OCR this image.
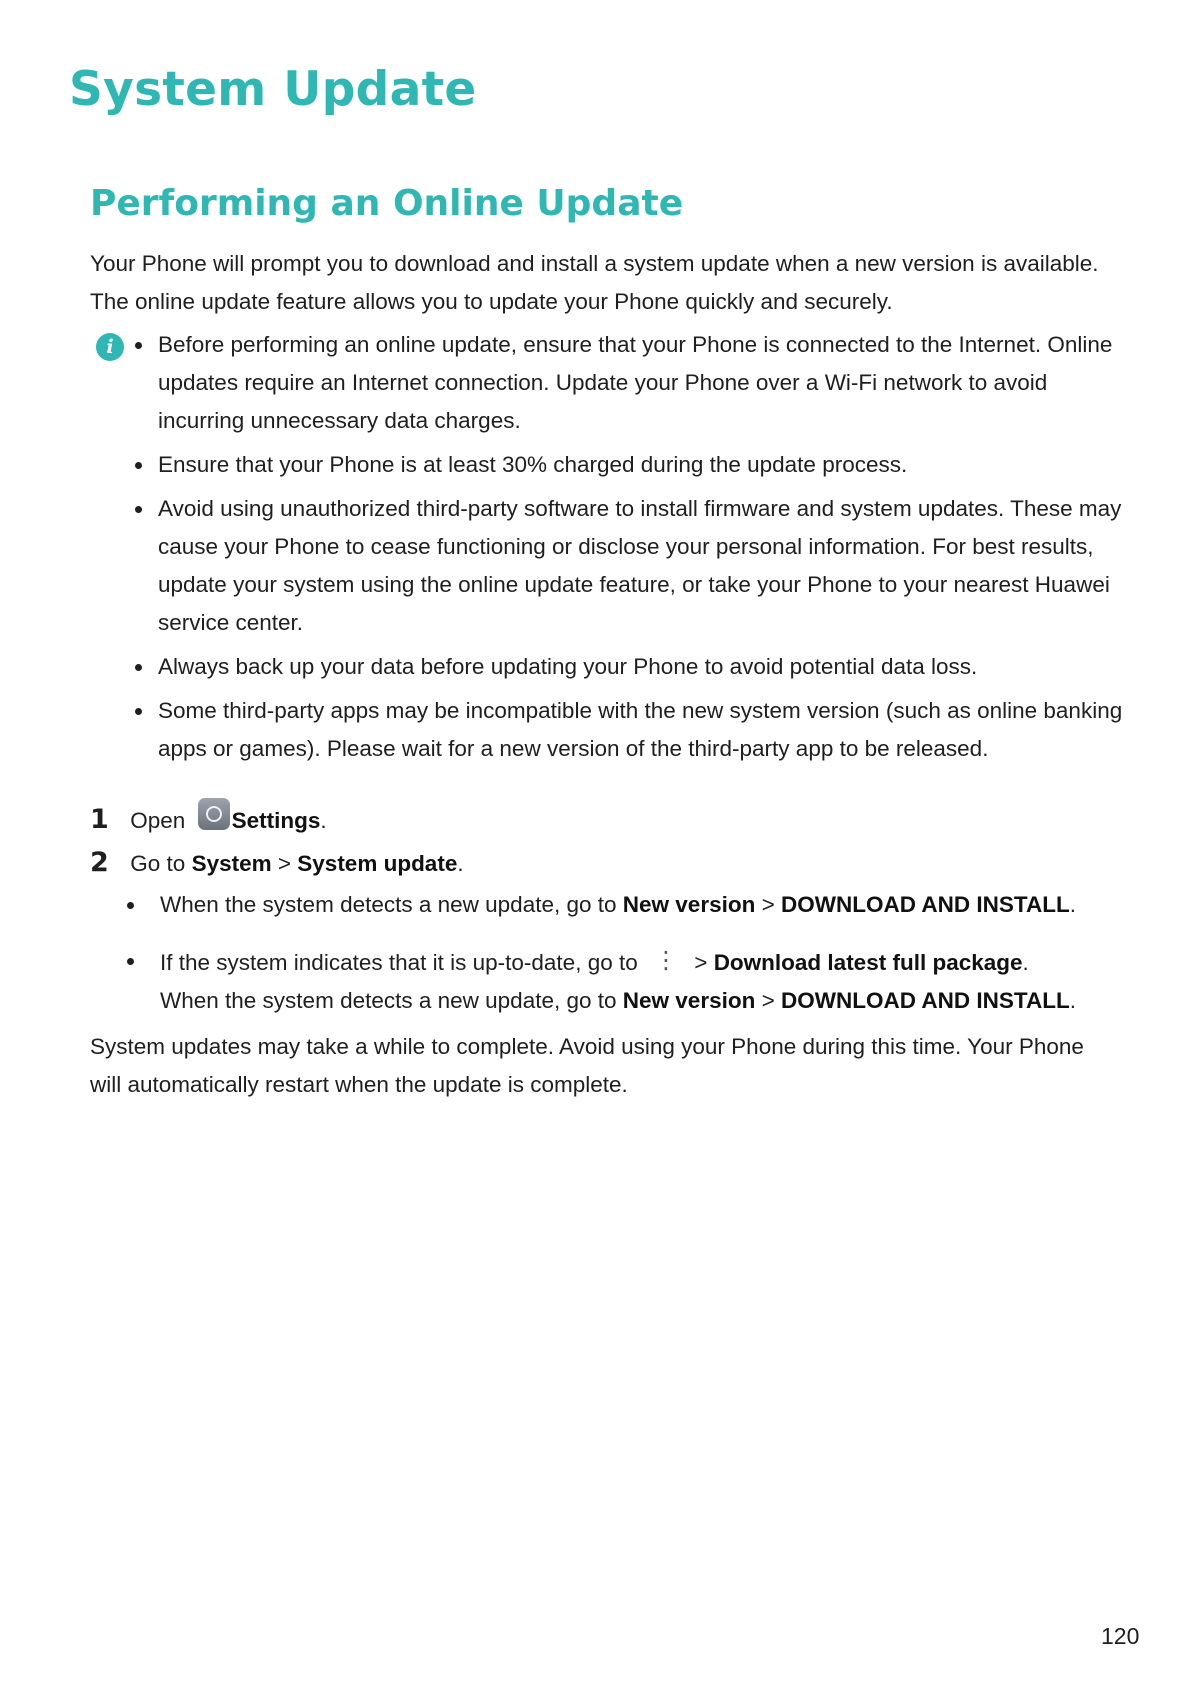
System Update
Performing an Online Update

Your Phone will prompt you to download and install a system update when a new version is available.
The online update feature allows you to update your Phone quickly and securely.

i	Before performing an online update, ensure that your Phone is connected to the Internet. Online updates require an Internet connection. Update your Phone over a Wi-Fi network to avoid incurring unnecessary data charges.
Ensure that your Phone is at least 30% charged during the update process.
Avoid using unauthorized third-party software to install firmware and system updates. These may cause your Phone to cease functioning or disclose your personal information. For best results, update your system using the online update feature, or take your Phone to your nearest Huawei service center.
Always back up your data before updating your Phone to avoid potential data loss.
Some third-party apps may be incompatible with the new system version (such as online banking apps or games). Please wait for a new version of the third-party app to be released.
1 Open Settings.
2 Go to System > System update.
When the system detects a new update, go to New version > DOWNLOAD AND INSTALL.
If the system indicates that it is up-to-date, go to ⋮ > Download latest full package.
When the system detects a new update, go to New version > DOWNLOAD AND INSTALL.

System updates may take a while to complete. Avoid using your Phone during this time. Your Phone
will automatically restart when the update is complete.

120
